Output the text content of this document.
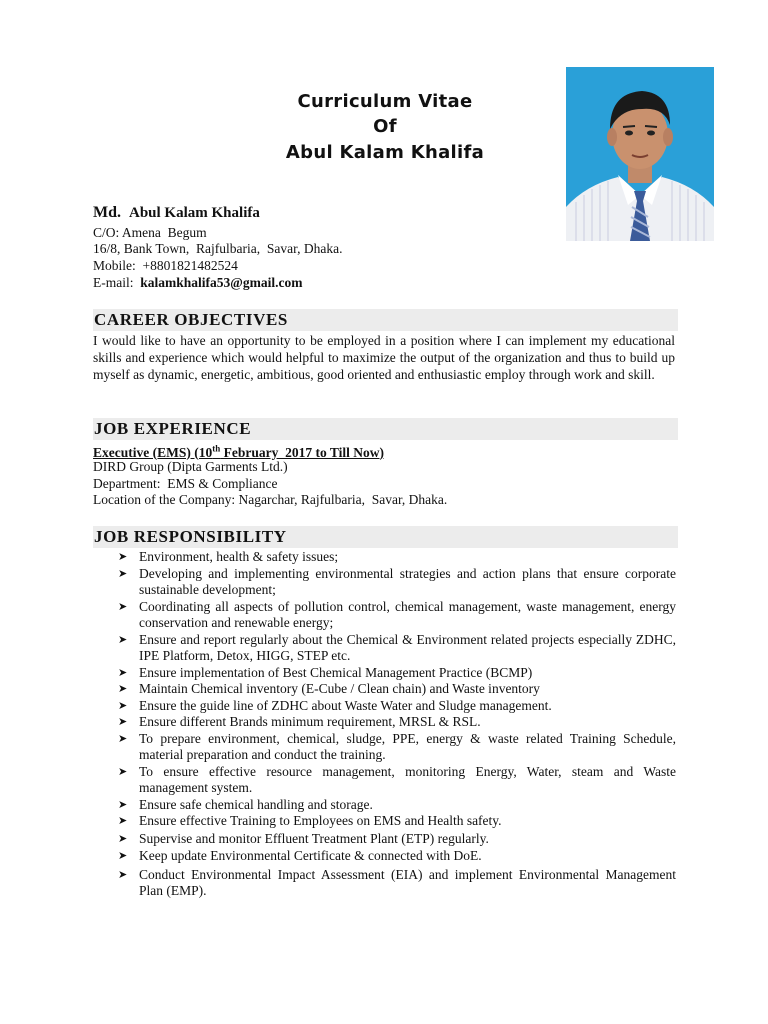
Curriculum Vitae
Of
Abul Kalam Khalifa
Md. Abul Kalam Khalifa
C/O: Amena  Begum
16/8, Bank Town,  Rajfulbaria,  Savar, Dhaka.
Mobile:  +8801821482524
E-mail: kalamkhalifa53@gmail.com
CAREER OBJECTIVES
I would like to have an opportunity to be employed in a position where I can implement my educational skills and experience which would helpful to maximize the output of the organization and thus to build up myself as dynamic, energetic, ambitious, good oriented and enthusiastic employ through work and skill.
JOB EXPERIENCE
Executive (EMS) (10th February  2017 to Till Now)
DIRD Group (Dipta Garments Ltd.)
Department:  EMS & Compliance
Location of the Company: Nagarchar, Rajfulbaria,  Savar, Dhaka.
JOB RESPONSIBILITY
➤ Environment, health & safety issues;
➤ Developing and implementing environmental strategies and action plans that ensure corporate sustainable development;
➤ Coordinating all aspects of pollution control, chemical management, waste management, energy conservation and renewable energy;
➤ Ensure and report regularly about the Chemical & Environment related projects especially ZDHC, IPE Platform, Detox, HIGG, STEP etc.
➤ Ensure implementation of Best Chemical Management Practice (BCMP)
➤ Maintain Chemical inventory (E-Cube / Clean chain) and Waste inventory
➤ Ensure the guide line of ZDHC about Waste Water and Sludge management.
➤ Ensure different Brands minimum requirement, MRSL & RSL.
➤ To prepare environment, chemical, sludge, PPE, energy & waste related Training Schedule, material preparation and conduct the training.
➤ To ensure effective resource management, monitoring Energy, Water, steam and Waste management system.
➤ Ensure safe chemical handling and storage.
➤ Ensure effective Training to Employees on EMS and Health safety.
➤ Supervise and monitor Effluent Treatment Plant (ETP) regularly.
➤ Keep update Environmental Certificate & connected with DoE.
➤ Conduct Environmental Impact Assessment (EIA) and implement Environmental Management Plan (EMP).
